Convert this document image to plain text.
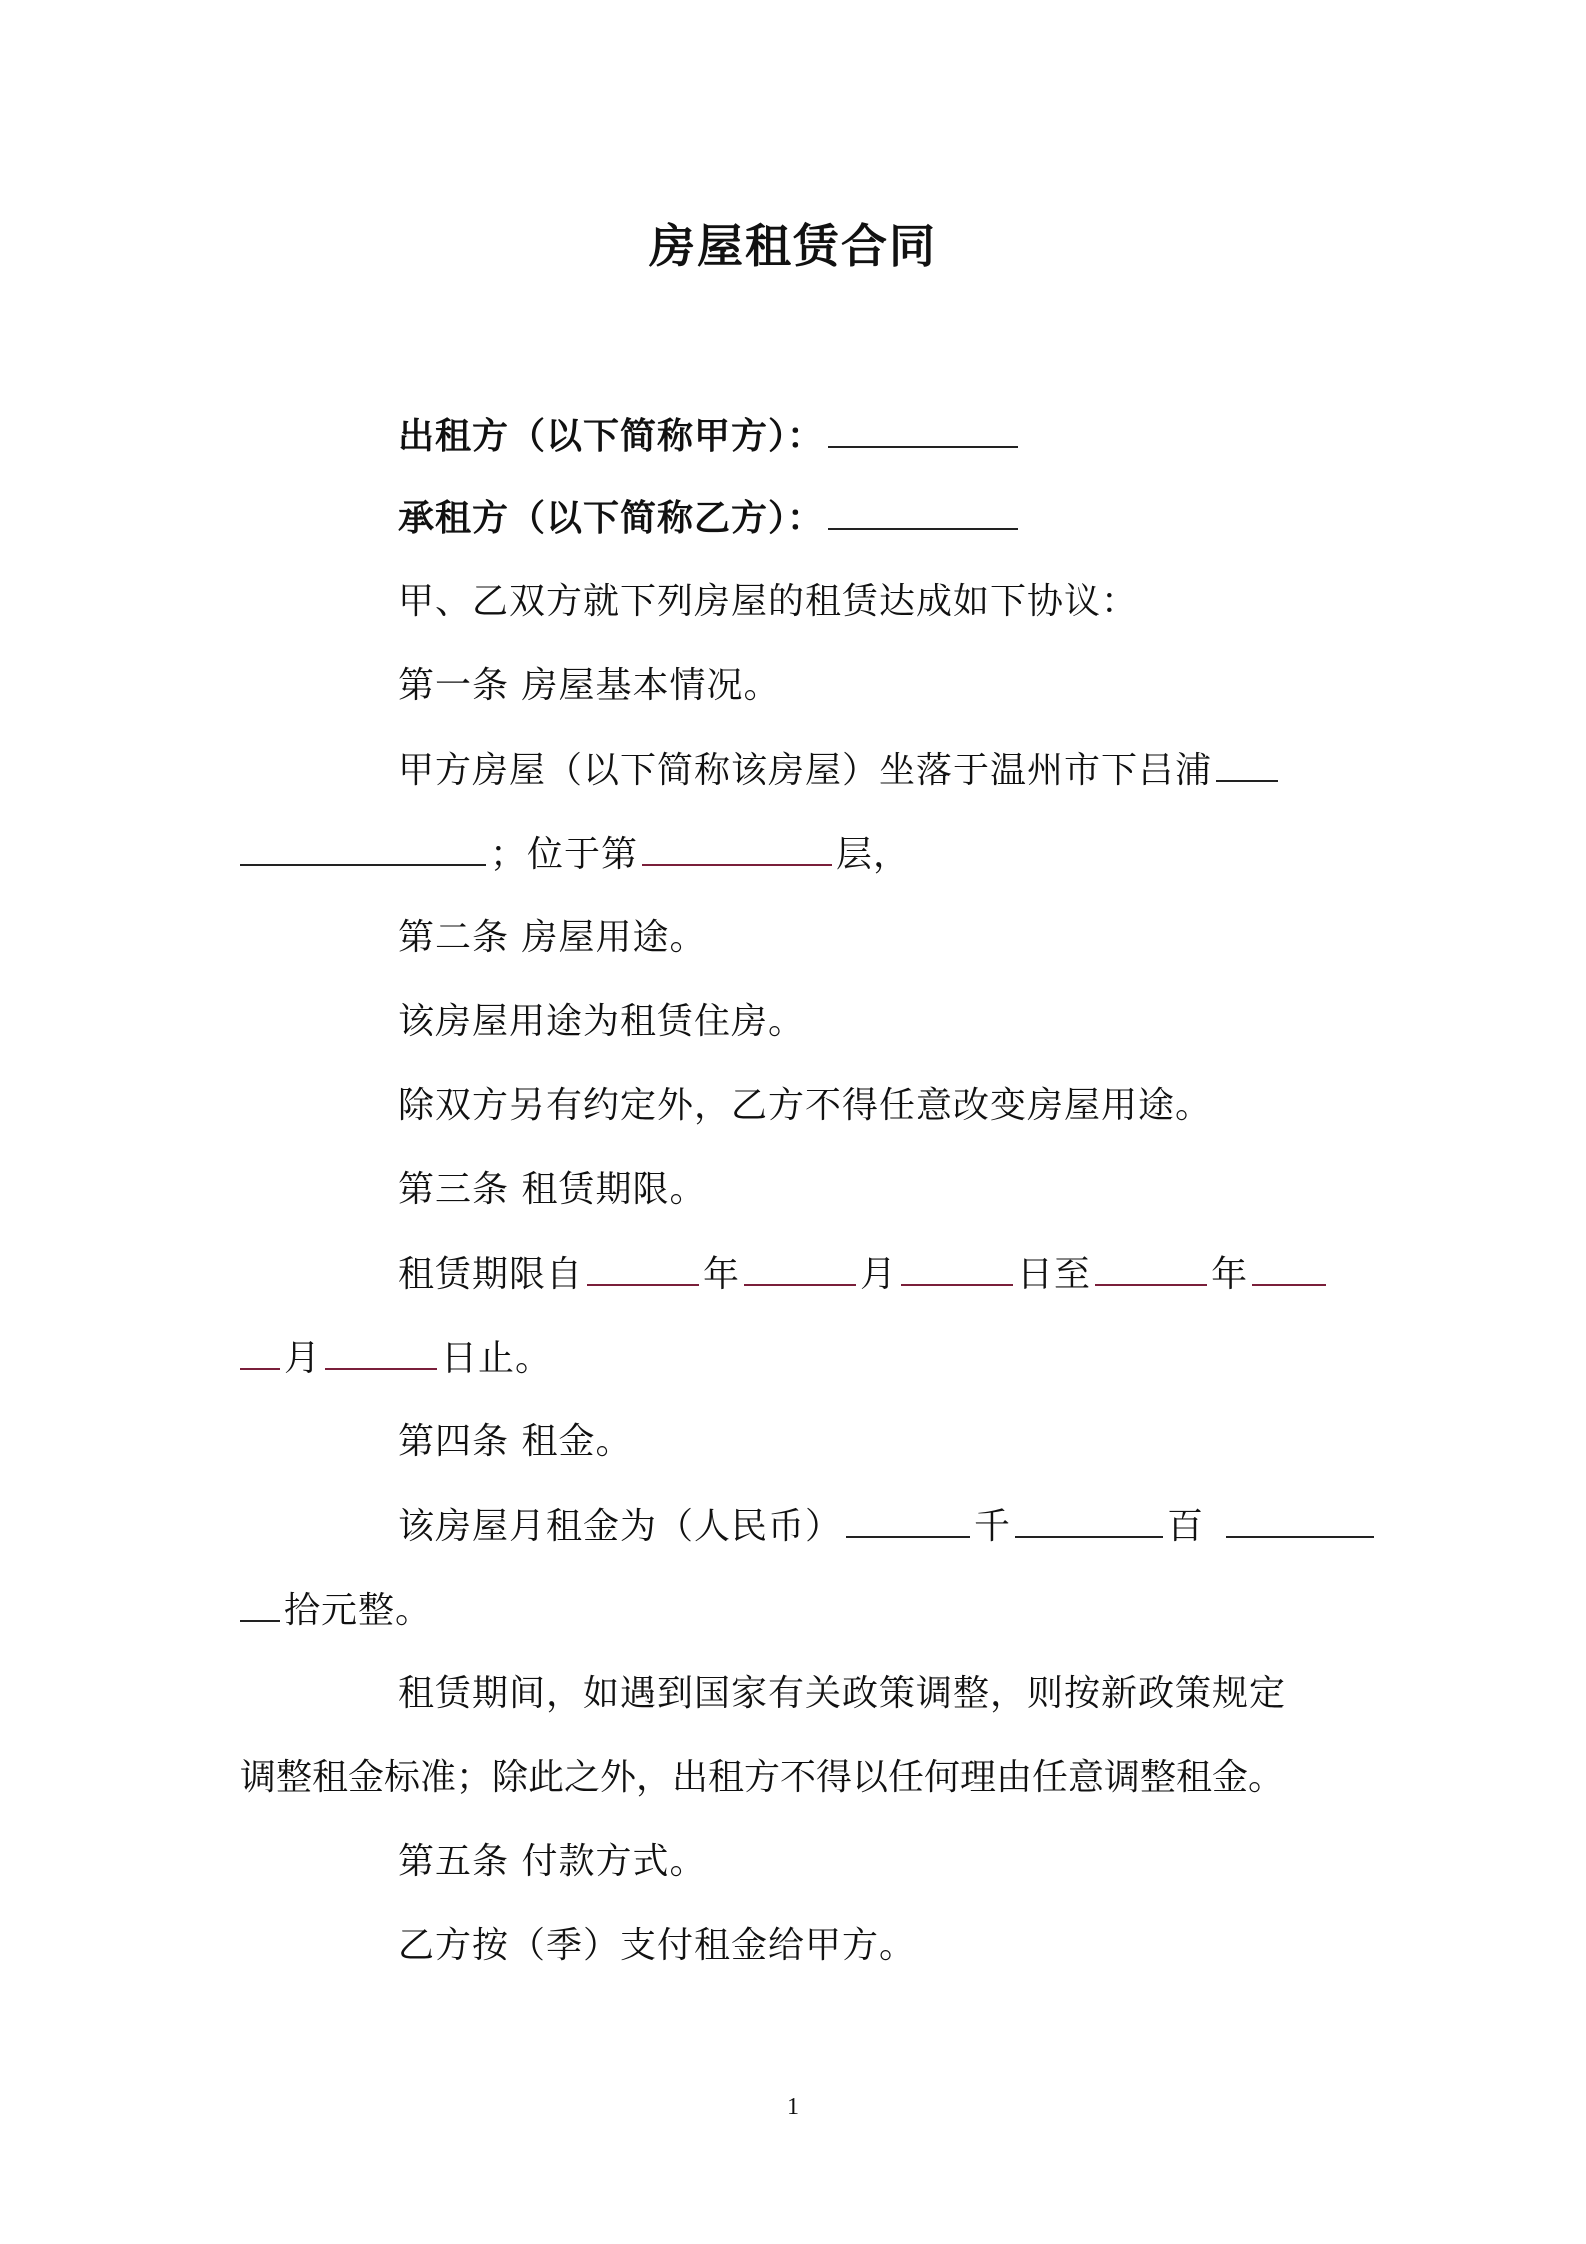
房屋租赁合同
出租方（以下简称甲方）：
承租方（以下简称乙方）：
甲、乙双方就下列房屋的租赁达成如下协议：
第一条 房屋基本情况。
甲方房屋（以下简称该房屋）坐落于温州市下吕浦
；位于第	层，
第二条 房屋用途。
该房屋用途为租赁住房。
除双方另有约定外，乙方不得任意改变房屋用途。
第三条 租赁期限。
租赁期限自	年	月	日至	年
月	日止。
第四条 租金。
该房屋月租金为（人民币）	千	百
拾元整。
租赁期间，如遇到国家有关政策调整，则按新政策规定
调整租金标准；除此之外，出租方不得以任何理由任意调整租金。
第五条 付款方式。
乙方按（季）支付租金给甲方。
1
